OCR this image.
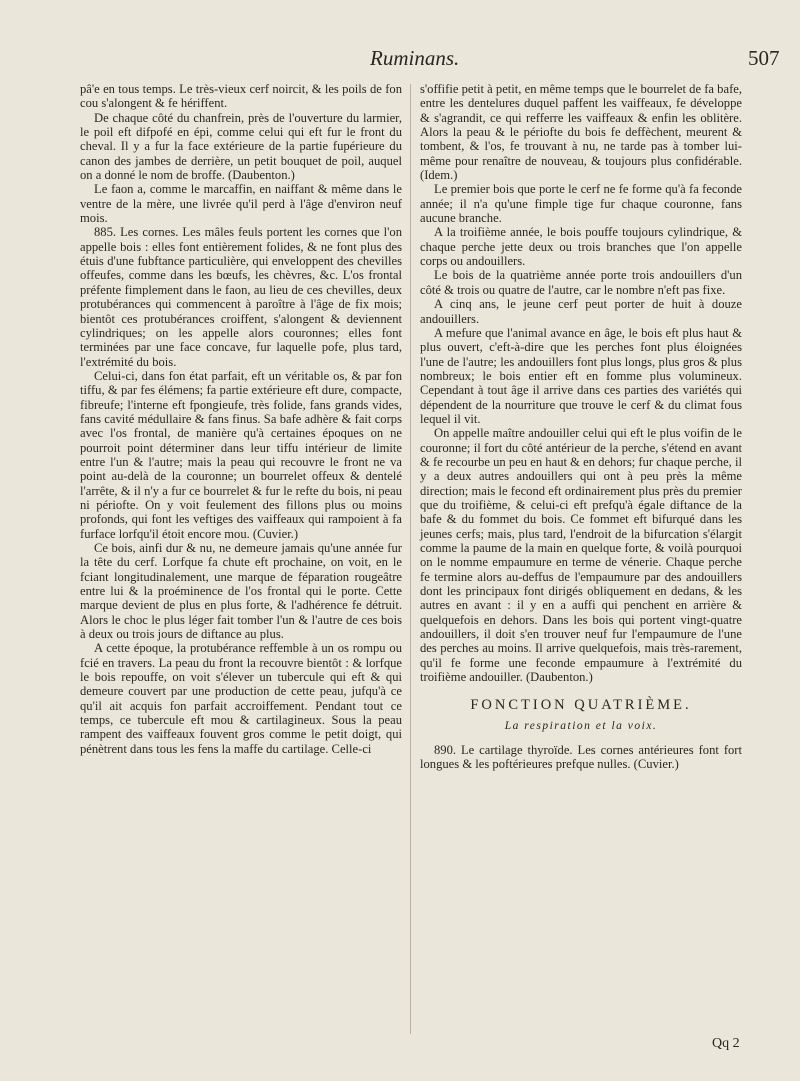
Ruminans.	507

pâ'e en tous temps. Le très-vieux cerf noircit, & les poils de fon cou s'alongent & fe hériffent.

De chaque côté du chanfrein, près de l'ouverture du larmier, le poil eft difpofé en épi, comme celui qui eft fur le front du cheval. Il y a fur la face extérieure de la partie fupérieure du canon des jambes de derrière, un petit bouquet de poil, auquel on a donné le nom de broffe. (Daubenton.)

Le faon a, comme le marcaffin, en naiffant & même dans le ventre de la mère, une livrée qu'il perd à l'âge d'environ neuf mois.

885. Les cornes. Les mâles feuls portent les cornes que l'on appelle bois : elles font entièrement folides, & ne font plus des étuis d'une fubftance particulière, qui enveloppent des chevilles offeufes, comme dans les bœufs, les chèvres, &c. L'os frontal préfente fimplement dans le faon, au lieu de ces chevilles, deux protubérances qui commencent à paroître à l'âge de fix mois; bientôt ces protubérances croiffent, s'alongent & deviennent cylindriques; on les appelle alors couronnes; elles font terminées par une face concave, fur laquelle pofe, plus tard, l'extrémité du bois.

Celui-ci, dans fon état parfait, eft un véritable os, & par fon tiffu, & par fes élémens; fa partie extérieure eft dure, compacte, fibreufe; l'interne eft fpongieufe, très folide, fans grands vides, fans cavité médullaire & fans finus. Sa bafe adhère & fait corps avec l'os frontal, de manière qu'à certaines époques on ne pourroit point déterminer dans leur tiffu intérieur de limite entre l'un & l'autre; mais la peau qui recouvre le front ne va point au-delà de la couronne; un bourrelet offeux & dentelé l'arrête, & il n'y a fur ce bourrelet & fur le refte du bois, ni peau ni périofte. On y voit feulement des fillons plus ou moins profonds, qui font les veftiges des vaiffeaux qui rampoient à fa furface lorfqu'il étoit encore mou. (Cuvier.)

Ce bois, ainfi dur & nu, ne demeure jamais qu'une année fur la tête du cerf. Lorfque fa chute eft prochaine, on voit, en le fciant longitudinalement, une marque de féparation rougeâtre entre lui & la proéminence de l'os frontal qui le porte. Cette marque devient de plus en plus forte, & l'adhérence fe détruit. Alors le choc le plus léger fait tomber l'un & l'autre de ces bois à deux ou trois jours de diftance au plus.

A cette époque, la protubérance reffemble à un os rompu ou fcié en travers. La peau du front la recouvre bientôt : & lorfque le bois repouffe, on voit s'élever un tubercule qui eft & qui demeure couvert par une production de cette peau, jufqu'à ce qu'il ait acquis fon parfait accroiffement. Pendant tout ce temps, ce tubercule eft mou & cartilagineux. Sous la peau rampent des vaiffeaux fouvent gros comme le petit doigt, qui pénètrent dans tous les fens la maffe du cartilage. Celle-ci

s'offifie petit à petit, en même temps que le bourrelet de fa bafe, entre les dentelures duquel paffent les vaiffeaux, fe développe & s'agrandit, ce qui refferre les vaiffeaux & enfin les oblitère. Alors la peau & le périofte du bois fe deffèchent, meurent & tombent, & l'os, fe trouvant à nu, ne tarde pas à tomber lui-même pour renaître de nouveau, & toujours plus confidérable. (Idem.)

Le premier bois que porte le cerf ne fe forme qu'à fa feconde année; il n'a qu'une fimple tige fur chaque couronne, fans aucune branche.

A la troifième année, le bois pouffe toujours cylindrique, & chaque perche jette deux ou trois branches que l'on appelle corps ou andouillers.

Le bois de la quatrième année porte trois andouillers d'un côté & trois ou quatre de l'autre, car le nombre n'eft pas fixe.

A cinq ans, le jeune cerf peut porter de huit à douze andouillers.

A mefure que l'animal avance en âge, le bois eft plus haut & plus ouvert, c'eft-à-dire que les perches font plus éloignées l'une de l'autre; les andouillers font plus longs, plus gros & plus nombreux; le bois entier eft en fomme plus volumineux. Cependant à tout âge il arrive dans ces parties des variétés qui dépendent de la nourriture que trouve le cerf & du climat fous lequel il vit.

On appelle maître andouiller celui qui eft le plus voifin de le couronne; il fort du côté antérieur de la perche, s'étend en avant & fe recourbe un peu en haut & en dehors; fur chaque perche, il y a deux autres andouillers qui ont à peu près la même direction; mais le fecond eft ordinairement plus près du premier que du troifième, & celui-ci eft prefqu'à égale diftance de la bafe & du fommet du bois. Ce fommet eft bifurqué dans les jeunes cerfs; mais, plus tard, l'endroit de la bifurcation s'élargit comme la paume de la main en quelque forte, & voilà pourquoi on le nomme empaumure en terme de vénerie. Chaque perche fe termine alors au-deffus de l'empaumure par des andouillers dont les principaux font dirigés obliquement en dedans, & les autres en avant : il y en a auffi qui penchent en arrière & quelquefois en dehors. Dans les bois qui portent vingt-quatre andouillers, il doit s'en trouver neuf fur l'empaumure de l'une des perches au moins. Il arrive quelquefois, mais très-rarement, qu'il fe forme une feconde empaumure à l'extrémité du troifième andouiller. (Daubenton.)

FONCTION QUATRIÈME.

La respiration et la voix.

890. Le cartilage thyroïde. Les cornes antérieures font fort longues & les poftérieures prefque nulles. (Cuvier.)

Qq 2
